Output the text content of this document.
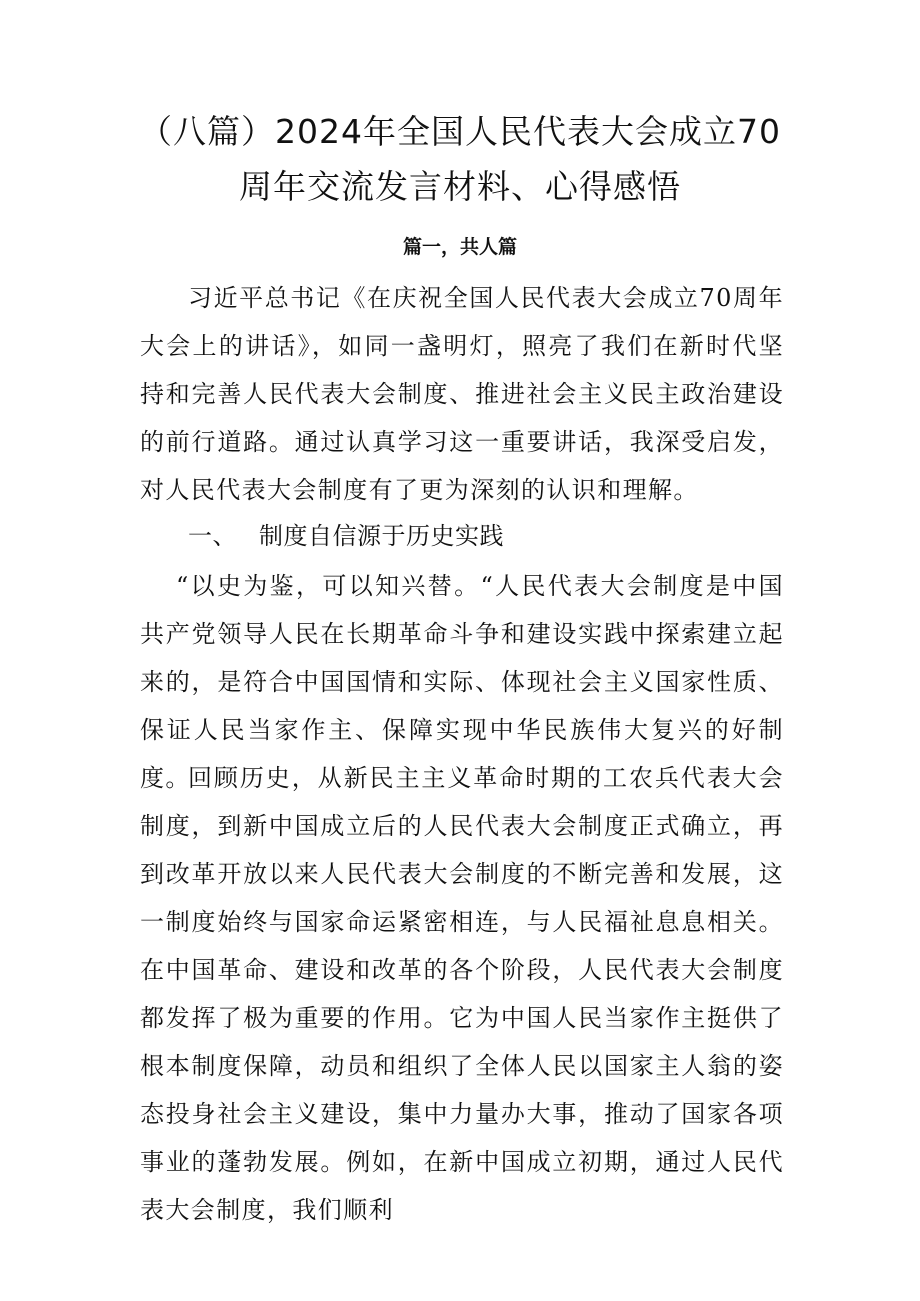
（八篇）2024年全国人民代表大会成立70
周年交流发言材料、心得感悟
篇一，共人篇

习近平总书记《在庆祝全国人民代表大会成立70周年大会上的讲话》，如同一盏明灯，照亮了我们在新时代坚持和完善人民代表大会制度、推进社会主义民主政治建设的前行道路。通过认真学习这一重要讲话，我深受启发，对人民代表大会制度有了更为深刻的认识和理解。

一、 制度自信源于历史实践

“以史为鉴，可以知兴替。“人民代表大会制度是中国共产党领导人民在长期革命斗争和建设实践中探索建立起来的，是符合中国国情和实际、体现社会主义国家性质、保证人民当家作主、保障实现中华民族伟大复兴的好制度。

回顾历史，从新民主主义革命时期的工农兵代表大会制度，到新中国成立后的人民代表大会制度正式确立，再到改革开放以来人民代表大会制度的不断完善和发展，这一制度始终与国家命运紧密相连，与人民福祉息息相关。在中国革命、建设和改革的各个阶段，人民代表大会制度都发挥了极为重要的作用。它为中国人民当家作主挺供了根本制度保障，动员和组织了全体人民以国家主人翁的姿态投身社会主义建设，集中力量办大事，推动了国家各项事业的蓬勃发展。例如，在新中国成立初期，通过人民代表大会制度，我们顺利
